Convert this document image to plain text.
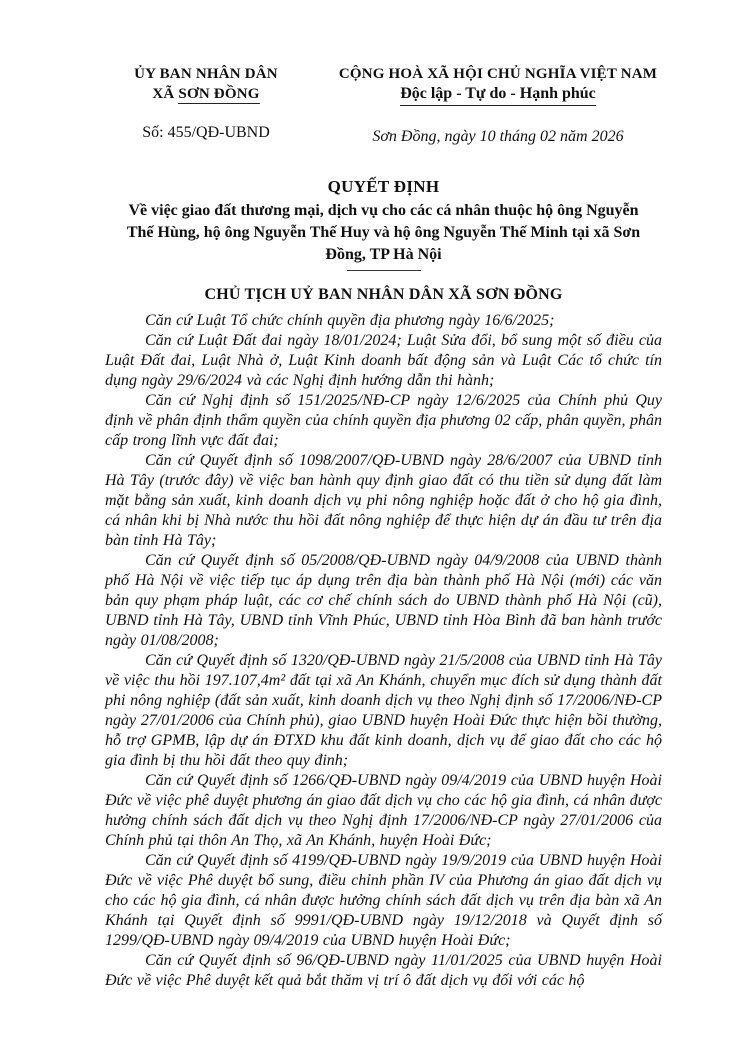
ỦY BAN NHÂN DÂN
XÃ SƠN ĐỒNG
Số: 455/QĐ-UBND
CỘNG HOÀ XÃ HỘI CHỦ NGHĨA VIỆT NAM
Độc lập - Tự do - Hạnh phúc
Sơn Đồng, ngày 10 tháng 02 năm 2026
QUYẾT ĐỊNH
Về việc giao đất thương mại, dịch vụ cho các cá nhân thuộc hộ ông Nguyễn
Thế Hùng, hộ ông Nguyễn Thế Huy và hộ ông Nguyễn Thế Minh tại xã Sơn
Đồng, TP Hà Nội
CHỦ TỊCH UỶ BAN NHÂN DÂN XÃ SƠN ĐỒNG

Căn cứ Luật Tổ chức chính quyền địa phương ngày 16/6/2025;

Căn cứ Luật Đất đai ngày 18/01/2024; Luật Sửa đổi, bổ sung một số điều của Luật Đất đai, Luật Nhà ở, Luật Kinh doanh bất động sản và Luật Các tổ chức tín dụng ngày 29/6/2024 và các Nghị định hướng dẫn thi hành;

Căn cứ Nghị định số 151/2025/NĐ-CP ngày 12/6/2025 của Chính phủ Quy định về phân định thẩm quyền của chính quyền địa phương 02 cấp, phân quyền, phân cấp trong lĩnh vực đất đai;

Căn cứ Quyết định số 1098/2007/QĐ-UBND ngày 28/6/2007 của UBND tỉnh Hà Tây (trước đây) về việc ban hành quy định giao đất có thu tiền sử dụng đất làm mặt bằng sản xuất, kinh doanh dịch vụ phi nông nghiệp hoặc đất ở cho hộ gia đình, cá nhân khi bị Nhà nước thu hồi đất nông nghiệp để thực hiện dự án đầu tư trên địa bàn tỉnh Hà Tây;

Căn cứ Quyết định số 05/2008/QĐ-UBND ngày 04/9/2008 của UBND thành phố Hà Nội về việc tiếp tục áp dụng trên địa bàn thành phố Hà Nội (mới) các văn bản quy phạm pháp luật, các cơ chế chính sách do UBND thành phố Hà Nội (cũ), UBND tỉnh Hà Tây, UBND tỉnh Vĩnh Phúc, UBND tỉnh Hòa Bình đã ban hành trước ngày 01/08/2008;

Căn cứ Quyết định số 1320/QĐ-UBND ngày 21/5/2008 của UBND tỉnh Hà Tây về việc thu hồi 197.107,4m² đất tại xã An Khánh, chuyển mục đích sử dụng thành đất phi nông nghiệp (đất sản xuất, kinh doanh dịch vụ theo Nghị định số 17/2006/NĐ-CP ngày 27/01/2006 của Chính phủ), giao UBND huyện Hoài Đức thực hiện bồi thường, hỗ trợ GPMB, lập dự án ĐTXD khu đất kinh doanh, dịch vụ để giao đất cho các hộ gia đình bị thu hồi đất theo quy đinh;

Căn cứ Quyết định số 1266/QĐ-UBND ngày 09/4/2019 của UBND huyện Hoài Đức về việc phê duyệt phương án giao đất dịch vụ cho các hộ gia đình, cá nhân được hưởng chính sách đất dịch vụ theo Nghị định 17/2006/NĐ-CP ngày 27/01/2006 của Chính phủ tại thôn An Thọ, xã An Khánh, huyện Hoài Đức;

Căn cứ Quyết định số 4199/QĐ-UBND ngày 19/9/2019 của UBND huyện Hoài Đức về việc Phê duyệt bổ sung, điều chỉnh phần IV của Phương án giao đất dịch vụ cho các hộ gia đình, cá nhân được hưởng chính sách đất dịch vụ trên địa bàn xã An Khánh tại Quyết định số 9991/QĐ-UBND ngày 19/12/2018 và Quyết định số 1299/QĐ-UBND ngày 09/4/2019 của UBND huyện Hoài Đức;

Căn cứ Quyết định số 96/QĐ-UBND ngày 11/01/2025 của UBND huyện Hoài Đức về việc Phê duyệt kết quả bắt thăm vị trí ô đất dịch vụ đối với các hộ
